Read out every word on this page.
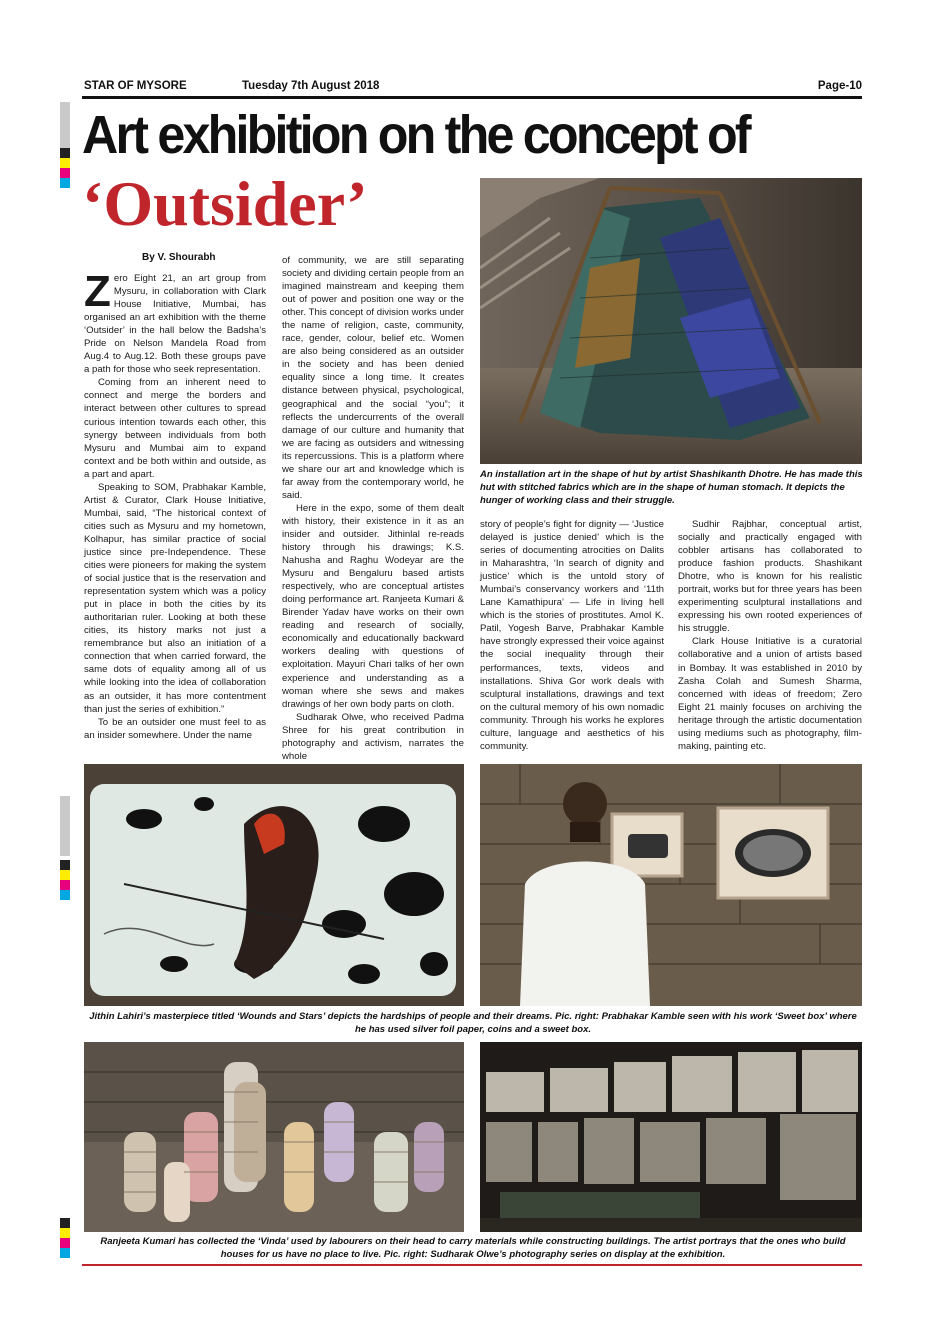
STAR OF MYSORE	Tuesday 7th August 2018	Page-10
Art exhibition on the concept of
‘Outsider’
By V. Shourabh

Zero Eight 21, an art group from Mysuru, in collaboration with Clark House Initiative, Mumbai, has organised an art exhibition with the theme ‘Outsider’ in the hall below the Badsha’s Pride on Nelson Mandela Road from Aug.4 to Aug.12. Both these groups pave a path for those who seek representation.

Coming from an inherent need to connect and merge the borders and interact between other cultures to spread curious intention towards each other, this synergy between individuals from both Mysuru and Mumbai aim to expand context and be both within and outside, as a part and apart.

Speaking to SOM, Prabhakar Kamble, Artist & Curator, Clark House Initiative, Mumbai, said, “The historical context of cities such as Mysuru and my hometown, Kolhapur, has similar practice of social justice since pre-Independence. These cities were pioneers for making the system of social justice that is the reservation and representation system which was a policy put in place in both the cities by its authoritarian ruler. Looking at both these cities, its history marks not just a remembrance but also an initiation of a connection that when carried forward, the same dots of equality among all of us while looking into the idea of collaboration as an outsider, it has more contentment than just the series of exhibition.”

To be an outsider one must feel to as an insider somewhere. Under the name

of community, we are still separating society and dividing certain people from an imagined mainstream and keeping them out of power and position one way or the other. This concept of division works under the name of religion, caste, community, race, gender, colour, belief etc. Women are also being considered as an outsider in the society and has been denied equality since a long time. It creates distance between physical, psychological, geographical and the social “you”; it reflects the undercurrents of the overall damage of our culture and humanity that we are facing as outsiders and witnessing its repercussions. This is a platform where we share our art and knowledge which is far away from the contemporary world, he said.

Here in the expo, some of them dealt with history, their existence in it as an insider and outsider. Jithinlal re-reads history through his drawings; K.S. Nahusha and Raghu Wodeyar are the Mysuru and Bengaluru based artists respectively, who are conceptual artistes doing performance art. Ranjeeta Kumari & Birender Yadav have works on their own reading and research of socially, economically and educationally backward workers dealing with questions of exploitation. Mayuri Chari talks of her own experience and understanding as a woman where she sews and makes drawings of her own body parts on cloth.

Sudharak Olwe, who received Padma Shree for his great contribution in photography and activism, narrates the whole

An installation art in the shape of hut by artist Shashikanth Dhotre. He has made this hut with stitched fabrics which are in the shape of human stomach. It depicts the hunger of working class and their struggle.

story of people’s fight for dignity — ‘Justice delayed is justice denied’ which is the series of documenting atrocities on Dalits in Maharashtra, ‘In search of dignity and justice’ which is the untold story of Mumbai’s conservancy workers and ‘11th Lane Kamathipura’ — Life in living hell which is the stories of prostitutes. Amol K. Patil, Yogesh Barve, Prabhakar Kamble have strongly expressed their voice against the social inequality through their performances, texts, videos and installations. Shiva Gor work deals with sculptural installations, drawings and text on the cultural memory of his own nomadic community. Through his works he explores culture, language and aesthetics of his community.

Sudhir Rajbhar, conceptual artist, socially and practically engaged with cobbler artisans has collaborated to produce fashion products. Shashikant Dhotre, who is known for his realistic portrait, works but for three years has been experimenting sculptural installations and expressing his own rooted experiences of his struggle.

Clark House Initiative is a curatorial collaborative and a union of artists based in Bombay. It was established in 2010 by Zasha Colah and Sumesh Sharma, concerned with ideas of freedom; Zero Eight 21 mainly focuses on archiving the heritage through the artistic documentation using mediums such as photography, film-making, painting etc.

Jithin Lahiri’s masterpiece titled ‘Wounds and Stars’ depicts the hardships of people and their dreams. Pic. right: Prabhakar Kamble seen with his work ‘Sweet box’ where he has used silver foil paper, coins and a sweet box.
Ranjeeta Kumari has collected the ‘Vinda’ used by labourers on their head to carry materials while constructing buildings. The artist portrays that the ones who build houses for us have no place to live. Pic. right: Sudharak Olwe’s photography series on display at the exhibition.
